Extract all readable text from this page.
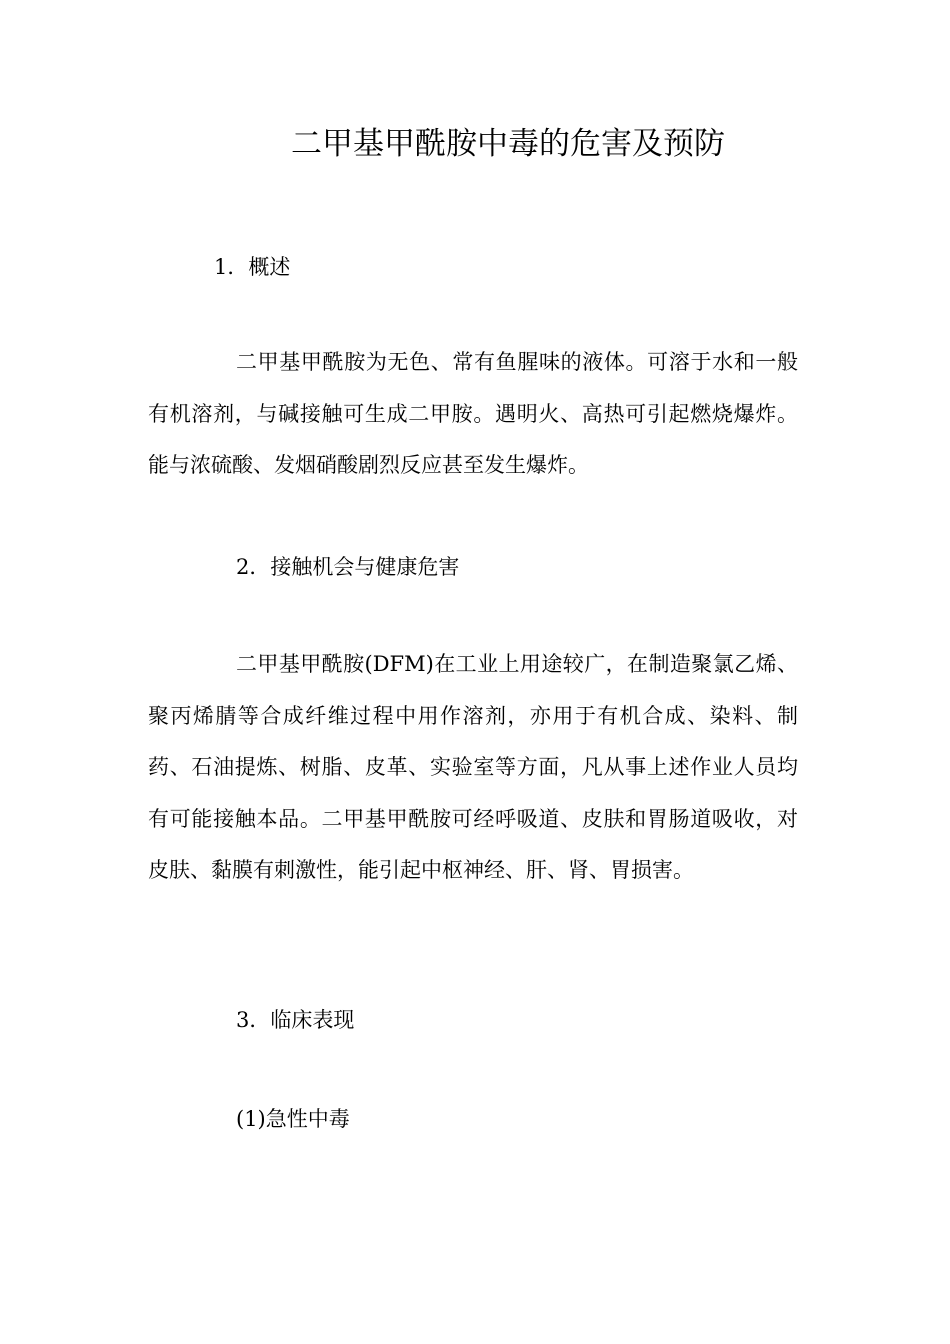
二甲基甲酰胺中毒的危害及预防
1．概述
二甲基甲酰胺为无色、常有鱼腥味的液体。可溶于水和一般有机溶剂，与碱接触可生成二甲胺。遇明火、高热可引起燃烧爆炸。能与浓硫酸、发烟硝酸剧烈反应甚至发生爆炸。
2．接触机会与健康危害
二甲基甲酰胺(DFM)在工业上用途较广，在制造聚氯乙烯、聚丙烯腈等合成纤维过程中用作溶剂，亦用于有机合成、染料、制药、石油提炼、树脂、皮革、实验室等方面，凡从事上述作业人员均有可能接触本品。二甲基甲酰胺可经呼吸道、皮肤和胃肠道吸收，对皮肤、黏膜有刺激性，能引起中枢神经、肝、肾、胃损害。
3．临床表现
(1)急性中毒
